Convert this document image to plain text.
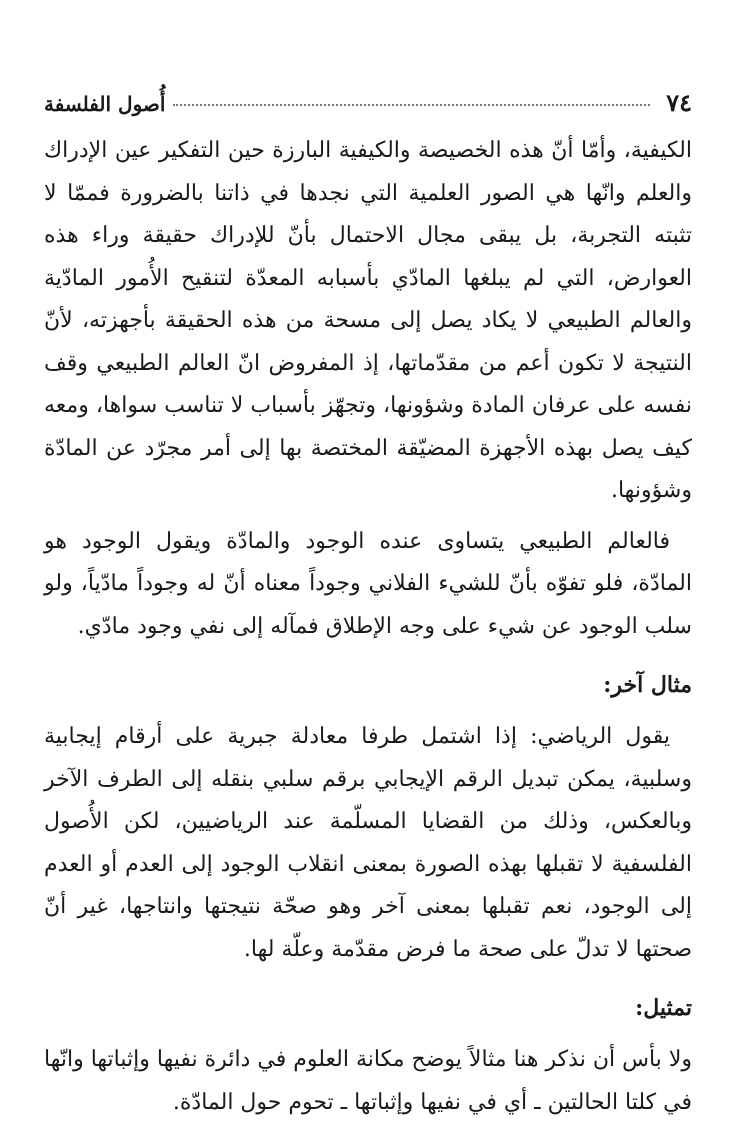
٧٤
أُصول الفلسفة

الكيفية، وأمّا أنّ هذه الخصيصة والكيفية البارزة حين التفكير عين الإدراك والعلم وانّها هي الصور العلمية التي نجدها في ذاتنا بالضرورة فممّا لا تثبته التجربة، بل يبقى مجال الاحتمال بأنّ للإدراك حقيقة وراء هذه العوارض، التي لم يبلغها المادّي بأسبابه المعدّة لتنقيح الأُمور المادّية والعالم الطبيعي لا يكاد يصل إلى مسحة من هذه الحقيقة بأجهزته، لأنّ النتيجة لا تكون أعم من مقدّماتها، إذ المفروض انّ العالم الطبيعي وقف نفسه على عرفان المادة وشؤونها، وتجهّز بأسباب لا تناسب سواها، ومعه كيف يصل بهذه الأجهزة المضيّقة المختصة بها إلى أمر مجرّد عن المادّة وشؤونها.

فالعالم الطبيعي يتساوى عنده الوجود والمادّة ويقول الوجود هو المادّة، فلو تفوّه بأنّ للشيء الفلاني وجوداً معناه أنّ له وجوداً مادّياً، ولو سلب الوجود عن شيء على وجه الإطلاق فمآله إلى نفي وجود مادّي.

مثال آخر:

يقول الرياضي: إذا اشتمل طرفا معادلة جبرية على أرقام إيجابية وسلبية، يمكن تبديل الرقم الإيجابي برقم سلبي بنقله إلى الطرف الآخر وبالعكس، وذلك من القضايا المسلّمة عند الرياضيين، لكن الأُصول الفلسفية لا تقبلها بهذه الصورة بمعنى انقلاب الوجود إلى العدم أو العدم إلى الوجود، نعم تقبلها بمعنى آخر وهو صحّة نتيجتها وانتاجها، غير أنّ صحتها لا تدلّ على صحة ما فرض مقدّمة وعلّة لها.

تمثيل:

ولا بأس أن نذكر هنا مثالاً يوضح مكانة العلوم في دائرة نفيها وإثباتها وانّها في كلتا الحالتين ـ أي في نفيها وإثباتها ـ تحوم حول المادّة.
